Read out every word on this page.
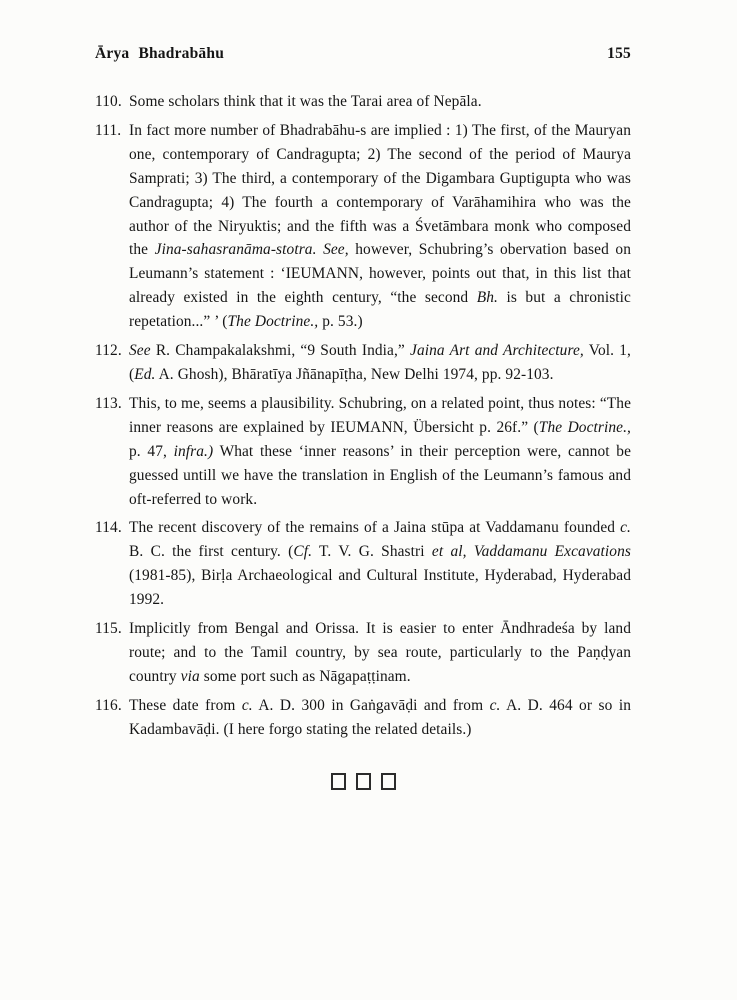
Ārya Bhadrabāhu	155
110. Some scholars think that it was the Tarai area of Nepāla.
111. In fact more number of Bhadrabāhu-s are implied : 1) The first, of the Mauryan one, contemporary of Candragupta; 2) The second of the period of Maurya Samprati; 3) The third, a contemporary of the Digambara Guptigupta who was Candragupta; 4) The fourth a contemporary of Varāhamihira who was the author of the Niryuktis; and the fifth was a Śvetāmbara monk who composed the Jina-sahasranāma-stotra. See, however, Schubring’s obervation based on Leumann’s statement : ‘IEUMANN, however, points out that, in this list that already existed in the eighth century, “the second Bh. is but a chronistic repetation...” ’ (The Doctrine., p. 53.)
112. See R. Champakalakshmi, “9 South India,” Jaina Art and Architecture, Vol. 1, (Ed. A. Ghosh), Bhāratīya Jñānapīṭha, New Delhi 1974, pp. 92-103.
113. This, to me, seems a plausibility. Schubring, on a related point, thus notes: “The inner reasons are explained by IEUMANN, Übersicht p. 26f.” (The Doctrine., p. 47, infra.) What these ‘inner reasons’ in their perception were, cannot be guessed untill we have the translation in English of the Leumann’s famous and oft-referred to work.
114. The recent discovery of the remains of a Jaina stūpa at Vaddamanu founded c. B. C. the first century. (Cf. T. V. G. Shastri et al, Vaddamanu Excavations (1981-85), Birḷa Archaeological and Cultural Institute, Hyderabad, Hyderabad 1992.
115. Implicitly from Bengal and Orissa. It is easier to enter Āndhradeśa by land route; and to the Tamil country, by sea route, particularly to the Paṇḍyan country via some port such as Nāgapaṭṭinam.
116. These date from c. A. D. 300 in Gaṅgavāḍi and from c. A. D. 464 or so in Kadambavāḍi. (I here forgo stating the related details.)
